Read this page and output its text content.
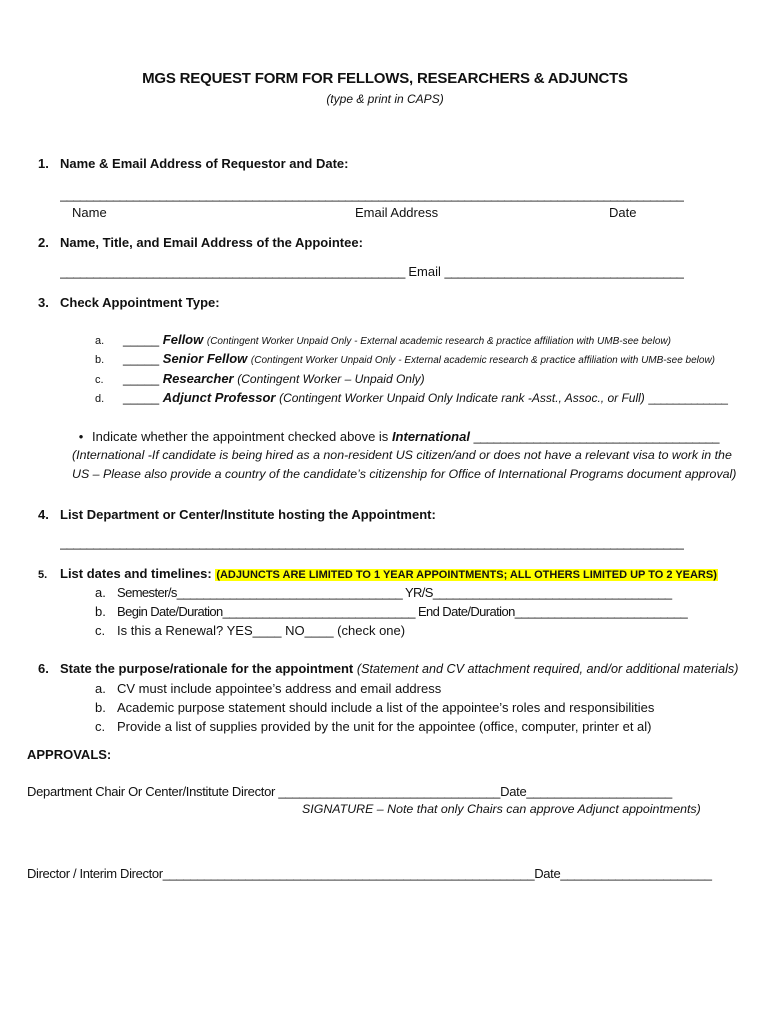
MGS REQUEST FORM FOR FELLOWS, RESEARCHERS & ADJUNCTS
(type & print in CAPS)
1. Name & Email Address of Requestor and Date:
______________________________________________________________________________________________
Name	Email Address	Date
2. Name, Title, and Email Address of the Appointee:
____________________________________________________ Email ____________________________________
3. Check Appointment Type:
a. _____ Fellow (Contingent Worker Unpaid Only - External academic research & practice affiliation with UMB-see below)
b. _____ Senior Fellow (Contingent Worker Unpaid Only - External academic research & practice affiliation with UMB-see below)
c. _____ Researcher (Contingent Worker – Unpaid Only)
d. _____ Adjunct Professor (Contingent Worker Unpaid Only Indicate rank -Asst., Assoc., or Full) _____________
• Indicate whether the appointment checked above is International _____________________________________
(International -If candidate is being hired as a non-resident US citizen/and or does not have a relevant visa to work in the
US – Please also provide a country of the candidate’s citizenship for Office of International Programs document approval)
4. List Department or Center/Institute hosting the Appointment:
______________________________________________________________________________________________
5. List dates and timelines: (ADJUNCTS ARE LIMITED TO 1 YEAR APPOINTMENTS; ALL OTHERS LIMITED UP TO 2 YEARS)
a. Semester/s__________________________________ YR/S____________________________________
b. Begin Date/Duration_____________________________ End Date/Duration__________________________
c. Is this a Renewal? YES____ NO____ (check one)
6. State the purpose/rationale for the appointment (Statement and CV attachment required, and/or additional materials)
a. CV must include appointee’s address and email address
b. Academic purpose statement should include a list of the appointee’s roles and responsibilities
c. Provide a list of supplies provided by the unit for the appointee (office, computer, printer et al)
APPROVALS:
Department Chair Or Center/Institute Director ________________________________Date_____________________
SIGNATURE – Note that only Chairs can approve Adjunct appointments)
Director / Interim Director______________________________________________________Date______________________
